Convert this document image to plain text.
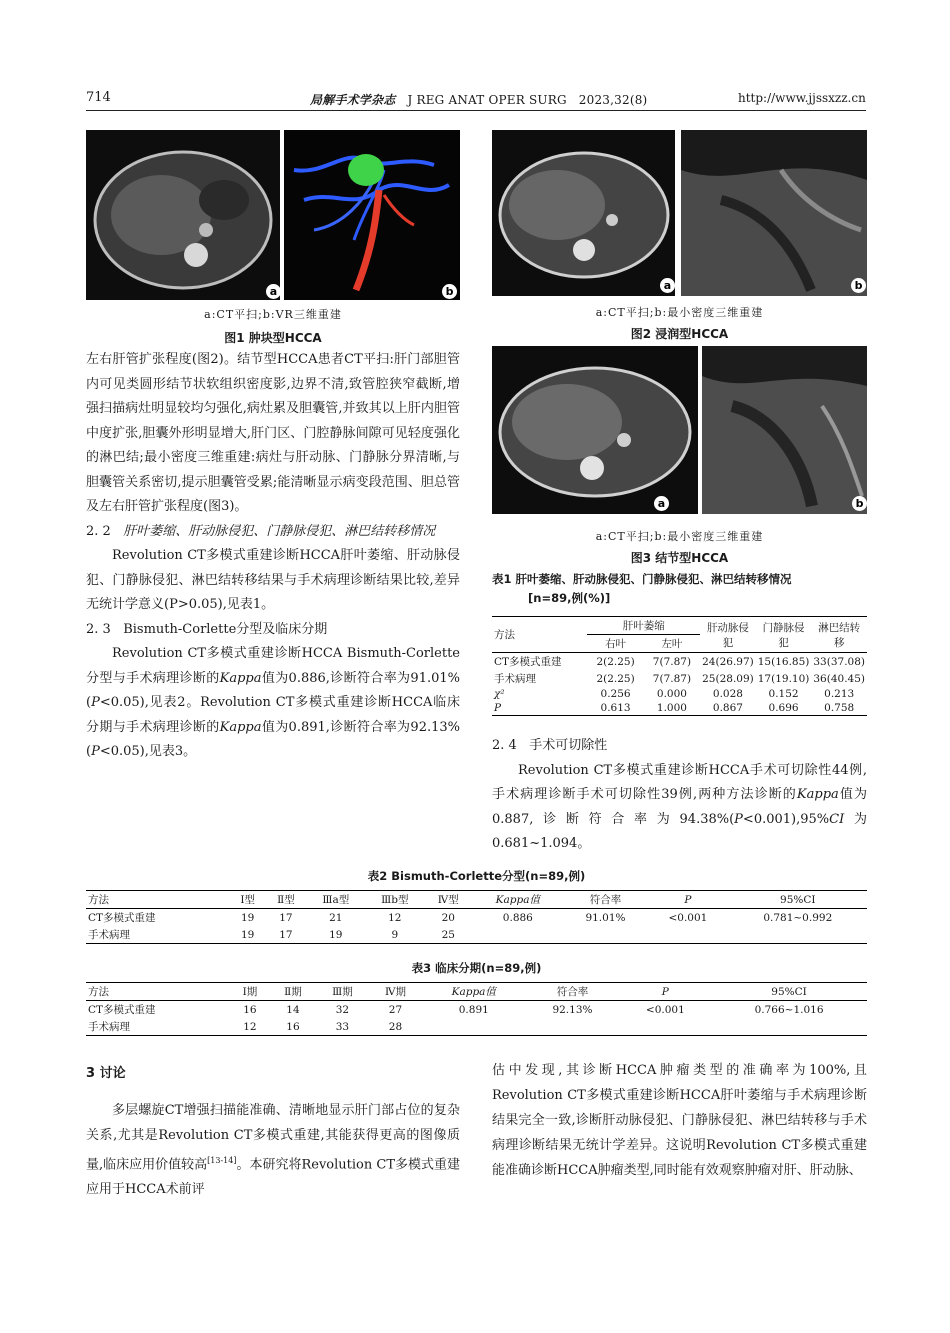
714	局解手术学杂志 J REG ANAT OPER SURG 2023,32(8)	http://www.jjssxzz.cn
a	b
a:CT平扫;b:VR三维重建
图1 肿块型HCCA
a	b
a:CT平扫;b:最小密度三维重建
图2 浸润型HCCA
a	b
a:CT平扫;b:最小密度三维重建
图3 结节型HCCA

左右肝管扩张程度(图2)。结节型HCCA患者CT平扫:肝门部胆管内可见类圆形结节状软组织密度影,边界不清,致管腔狭窄截断,增强扫描病灶明显较均匀强化,病灶累及胆囊管,并致其以上肝内胆管中度扩张,胆囊外形明显增大,肝门区、门腔静脉间隙可见轻度强化的淋巴结;最小密度三维重建:病灶与肝动脉、门静脉分界清晰,与胆囊管关系密切,提示胆囊管受累;能清晰显示病变段范围、胆总管及左右肝管扩张程度(图3)。

2. 2 肝叶萎缩、肝动脉侵犯、门静脉侵犯、淋巴结转移情况

Revolution CT多模式重建诊断HCCA肝叶萎缩、肝动脉侵犯、门静脉侵犯、淋巴结转移结果与手术病理诊断结果比较,差异无统计学意义(P>0.05),见表1。

2. 3 Bismuth-Corlette分型及临床分期

Revolution CT多模式重建诊断HCCA Bismuth-Corlette分型与手术病理诊断的Kappa值为0.886,诊断符合率为91.01%(P<0.05),见表2。Revolution CT多模式重建诊断HCCA临床分期与手术病理诊断的Kappa值为0.891,诊断符合率为92.13%(P<0.05),见表3。

表1 肝叶萎缩、肝动脉侵犯、门静脉侵犯、淋巴结转移情况
[n=89,例(%)]
方法	肝叶萎缩		肝动脉侵犯	门静脉侵犯	淋巴结转移
	右叶	左叶			
CT多模式重建	2(2.25)	7(7.87)	24(26.97)	15(16.85)	33(37.08)
手术病理	2(2.25)	7(7.87)	25(28.09)	17(19.10)	36(40.45)
χ²	0.256	0.000	0.028	0.152	0.213
P	0.613	1.000	0.867	0.696	0.758

2. 4 手术可切除性

Revolution CT多模式重建诊断HCCA手术可切除性44例,手术病理诊断手术可切除性39例,两种方法诊断的Kappa值为0.887,诊断符合率为94.38%(P<0.001),95%CI为0.681~1.094。

表2 Bismuth-Corlette分型(n=89,例)
方法	Ⅰ型	Ⅱ型	Ⅲa型	Ⅲb型	Ⅳ型	Kappa值	符合率	P	95%CI
CT多模式重建	19	17	21	12	20	0.886	91.01%	<0.001	0.781~0.992
手术病理	19	17	19	9	25				
表3 临床分期(n=89,例)
方法	Ⅰ期	Ⅱ期	Ⅲ期	Ⅳ期	Kappa值	符合率	P	95%CI
CT多模式重建	16	14	32	27	0.891	92.13%	<0.001	0.766~1.016
手术病理	12	16	33	28				
3 讨论

多层螺旋CT增强扫描能准确、清晰地显示肝门部占位的复杂关系,尤其是Revolution CT多模式重建,其能获得更高的图像质量,临床应用价值较高[13-14]。本研究将Revolution CT多模式重建应用于HCCA术前评

估中发现,其诊断HCCA肿瘤类型的准确率为100%,且Revolution CT多模式重建诊断HCCA肝叶萎缩与手术病理诊断结果完全一致,诊断肝动脉侵犯、门静脉侵犯、淋巴结转移与手术病理诊断结果无统计学差异。这说明Revolution CT多模式重建能准确诊断HCCA肿瘤类型,同时能有效观察肿瘤对肝、肝动脉、
